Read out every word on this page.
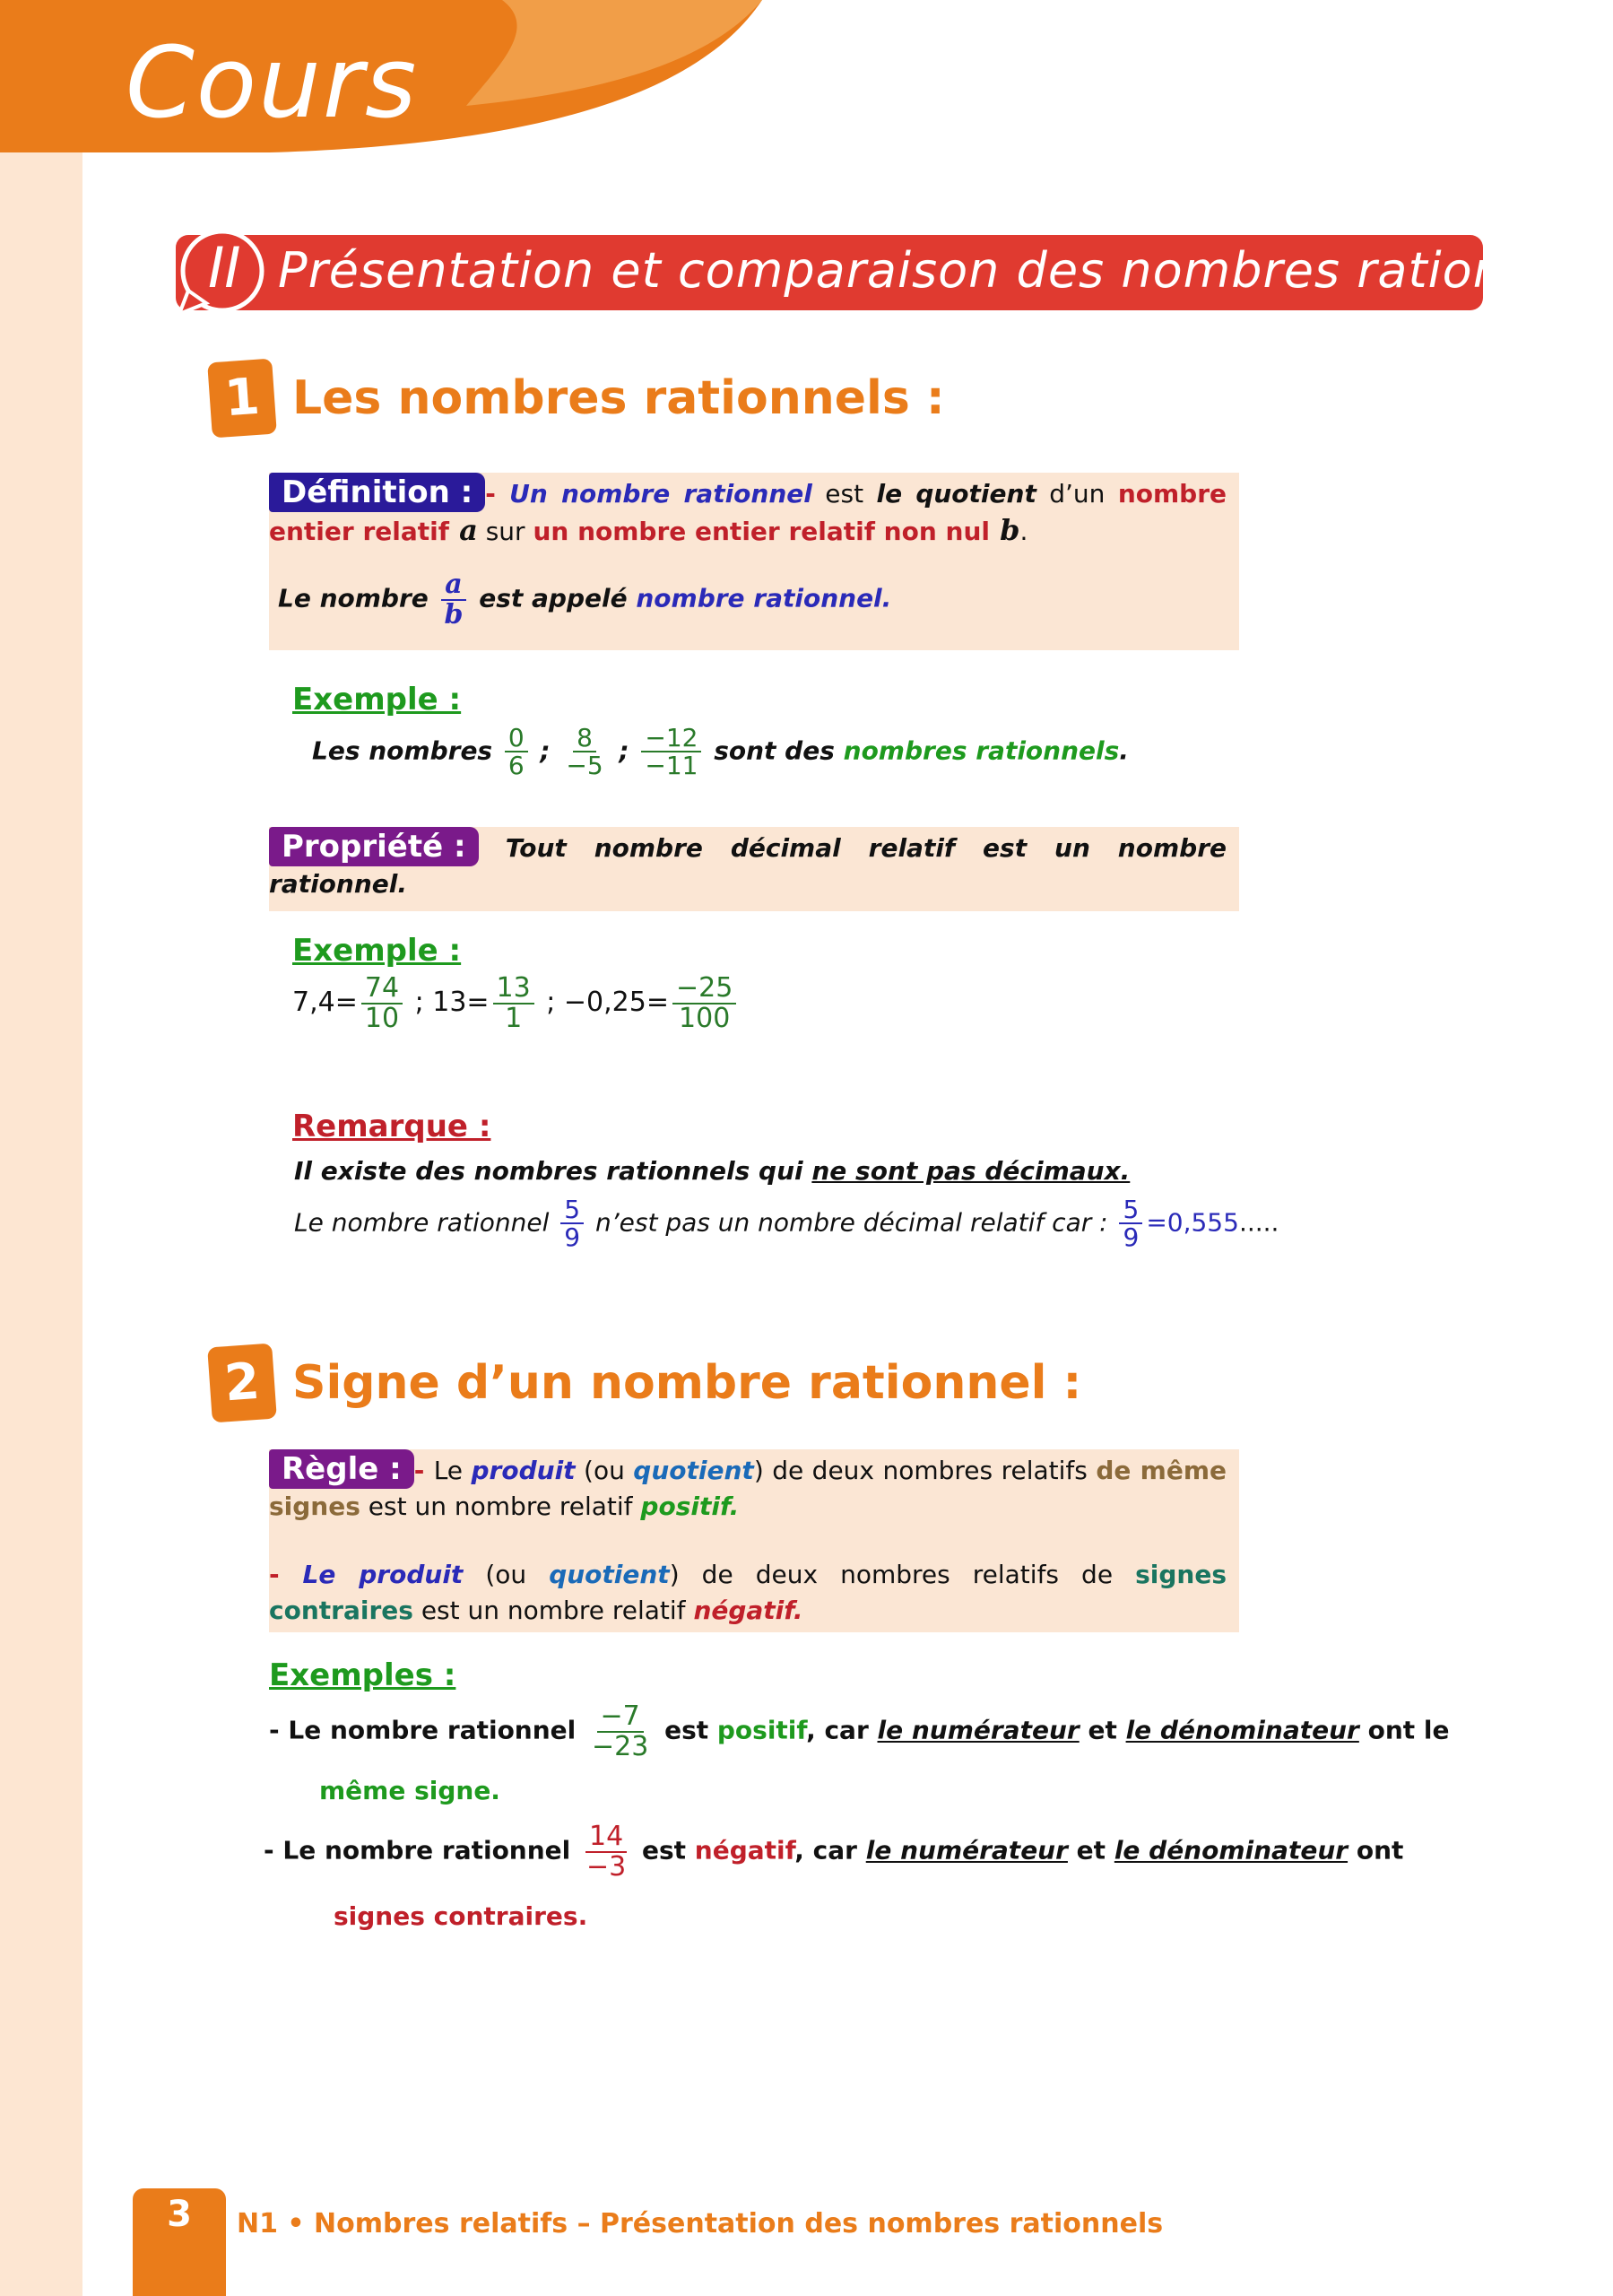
Cours
II Présentation et comparaison des nombres rationnels
1 Les nombres rationnels :
Définition : - Un nombre rationnel est le quotient d’un nombre entier relatif a sur un nombre entier relatif non nul b.
Le nombre $\frac{a}{b}$ est appelé nombre rationnel.
Exemple :
Les nombres $\frac{0}{6}$ ; $\frac{8}{-5}$ ; $\frac{-12}{-11}$ sont des nombres rationnels.
Propriété : Tout nombre décimal relatif est un nombre rationnel.
Exemple :
$7,4= \frac{74}{10}$ ; $13= \frac{13}{1}$ ; $-0,25= \frac{-25}{100}$
Remarque :
Il existe des nombres rationnels qui ne sont pas décimaux.
Le nombre rationnel $\frac{5}{9}$ n’est pas un nombre décimal relatif car : $\frac{5}{9} =0,555$.....
2 Signe d’un nombre rationnel :
Règle : - Le produit (ou quotient) de deux nombres relatifs de même signes est un nombre relatif positif.
- Le produit (ou quotient) de deux nombres relatifs de signes contraires est un nombre relatif négatif.
Exemples :
- Le nombre rationnel $\frac{-7}{-23}$ est positif, car le numérateur et le dénominateur ont le
même signe.
- Le nombre rationnel $\frac{14}{-3}$ est négatif, car le numérateur et le dénominateur ont
signes contraires.
3	N1 • Nombres relatifs – Présentation des nombres rationnels
